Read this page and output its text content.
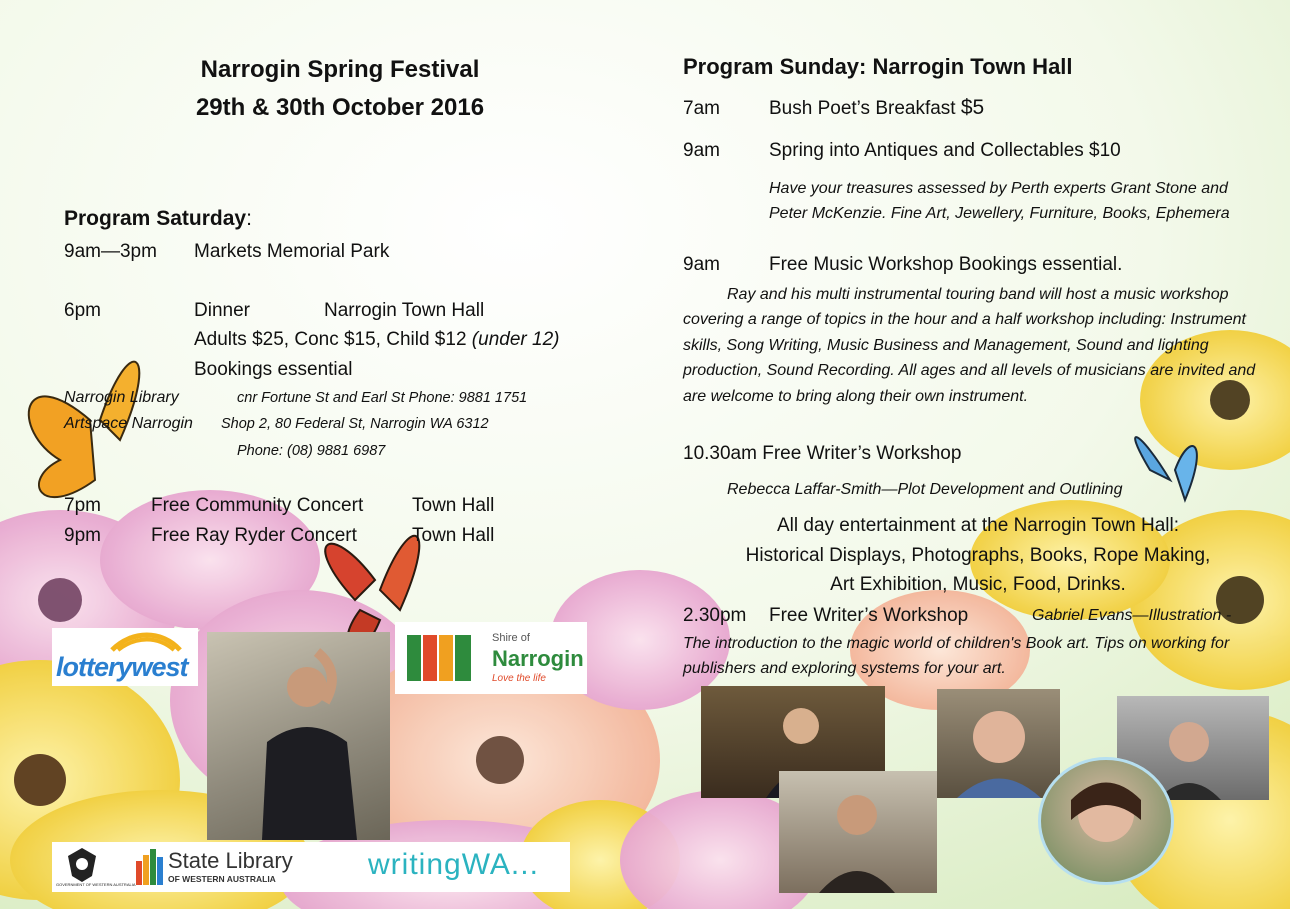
Narrogin Spring Festival
29th & 30th October 2016
Program Saturday:
9am—3pm Markets Memorial Park
6pm	Dinner	Narrogin Town Hall
Adults $25, Conc $15, Child $12 (under 12)
Bookings essential
Narrogin Library	cnr Fortune St and Earl St Phone: 9881 1751
Artspace Narrogin Shop 2, 80 Federal St, Narrogin WA 6312
Phone: (08) 9881 6987
7pm	Free Community Concert	Town Hall
9pm	Free Ray Ryder Concert	Town Hall
Program Sunday: Narrogin Town Hall
7am	Bush Poet’s Breakfast $5
9am	Spring into Antiques and Collectables $10
Have your treasures assessed by Perth experts Grant Stone and Peter McKenzie. Fine Art, Jewellery, Furniture, Books, Ephemera
9am	Free Music Workshop Bookings essential.
Ray and his multi instrumental touring band will host a music workshop covering a range of topics in the hour and a half workshop including: Instrument skills, Song Writing, Music Business and Management, Sound and lighting production, Sound Recording. All ages and all levels of musicians are invited and are welcome to bring along their own instrument.
10.30am Free Writer’s Workshop
Rebecca Laffar-Smith—Plot Development and Outlining
All day entertainment at the Narrogin Town Hall:
Historical Displays, Photographs, Books, Rope Making,
Art Exhibition, Music, Food, Drinks.
2.30pm Free Writer’s Workshop	Gabriel Evans—Illustration -
The introduction to the magic world of children's Book art. Tips on working for publishers and exploring systems for your art.
lotterywest
Shire of
Narrogin
Love the life
GOVERNMENT OF WESTERN AUSTRALIA
State Library
OF WESTERN AUSTRALIA	writingWA...
